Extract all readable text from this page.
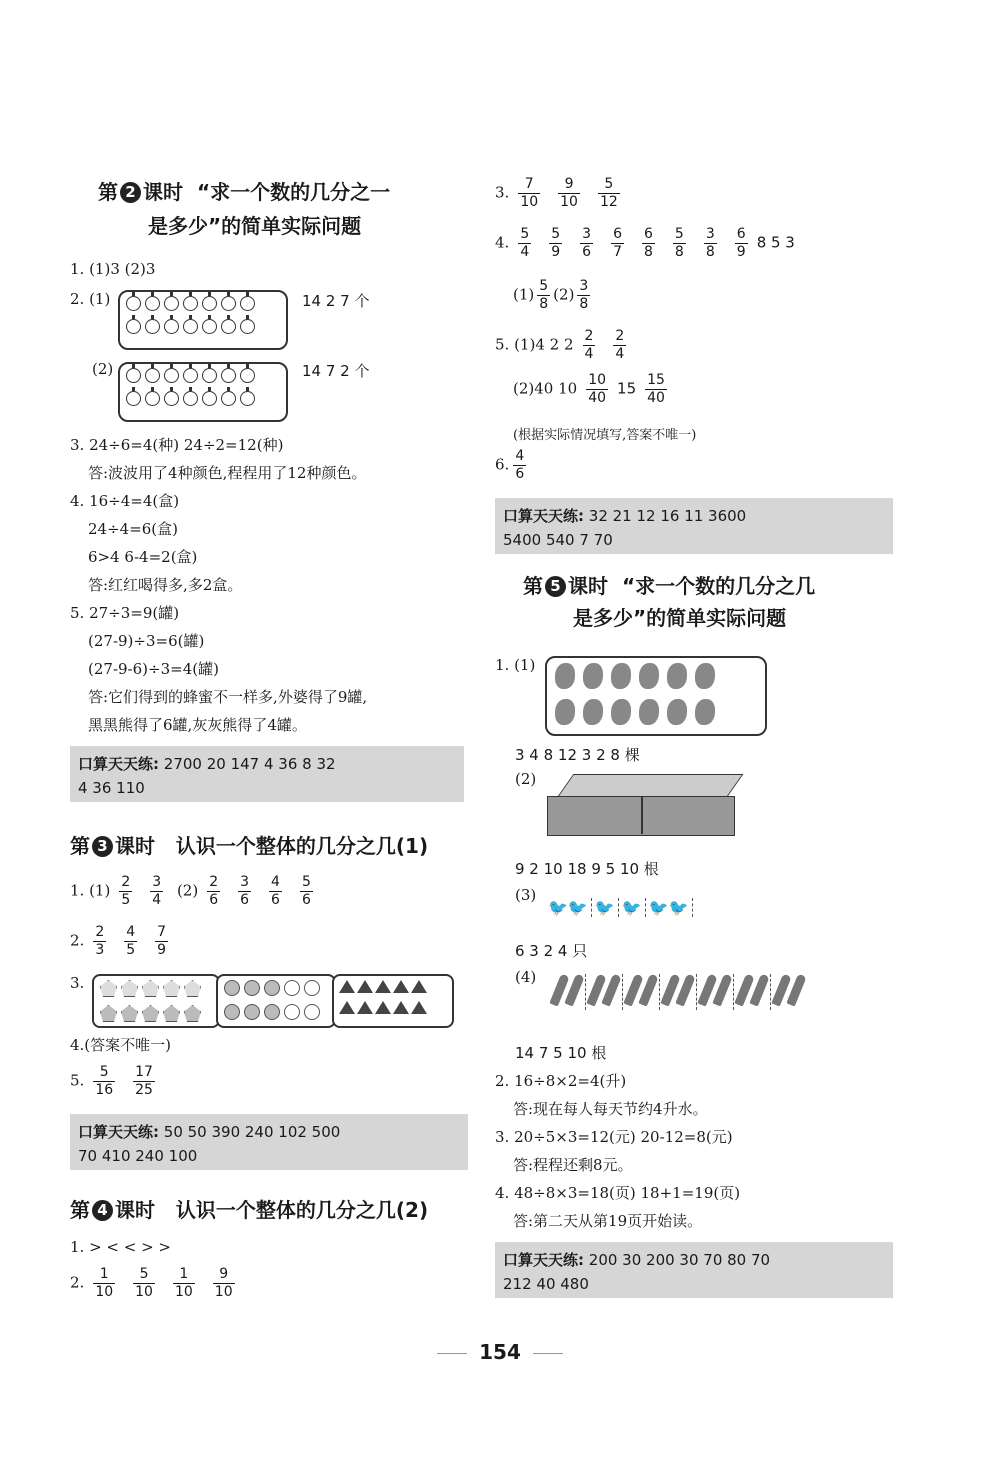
第 2 课时 “求一个数的几分之一
是多少”的简单实际问题
1. (1)3 (2)3
2. (1)	14 2 7 个
(2)	14 7 2 个
3. 24÷6=4(种) 24÷2=12(种)
答:波波用了4种颜色,程程用了12种颜色。
4. 16÷4=4(盒)
24÷4=6(盒)
6>4 6-4=2(盒)
答:红红喝得多,多2盒。
5. 27÷3=9(罐)
(27-9)÷3=6(罐)
(27-9-6)÷3=4(罐)
答:它们得到的蜂蜜不一样多,外婆得了9罐,
黑黑熊得了6罐,灰灰熊得了4罐。
口算天天练: 2700 20 147 4 36 8 32
4 36 110
第 3 课时 认识一个整体的几分之几(1)
1. $(1) \frac{2}{5} \frac{3}{4} (2) \frac{2}{6} \frac{3}{6} \frac{4}{6} \frac{5}{6}$
2. $\frac{2}{3} \frac{4}{5} \frac{7}{9}$
3.

4.(答案不唯一)
5. $\frac{5}{16} \frac{17}{25}$
口算天天练: 50 50 390 240 102 500
70 410 240 100
第 4 课时 认识一个整体的几分之几(2)
1. > < < > >
2. $\frac{1}{10} \frac{5}{10} \frac{1}{10} \frac{9}{10}$
3. $\frac{7}{10} \frac{9}{10} \frac{5}{12}$
4. $\frac{5}{4} \frac{5}{9} \frac{3}{6} \frac{6}{7} \frac{6}{8} \frac{5}{8} \frac{3}{8} \frac{6}{9} 8$ 5 3
$(1) \frac{5}{8} (2) \frac{3}{8}$
5. (1)4 2 $2 \frac{2}{4} \frac{2}{4}$
(2)40 $10 \frac{10}{40} 15 \frac{15}{40}$
(根据实际情况填写,答案不唯一)
6. $\frac{4}{6}$
口算天天练: 32 21 12 16 11 3600
5400 540 7 70
第 5 课时 “求一个数的几分之几
是多少”的简单实际问题
1. (1)

3 4 8 12 3 2 8 棵
(2)
9 2 10 18 9 5 10 根
(3)
🐦🐦 🐦 🐦 🐦🐦
6 3 2 4 只
(4)
14 7 5 10 根
2. 16÷8×2=4(升)
答:现在每人每天节约4升水。
3. 20÷5×3=12(元) 20-12=8(元)
答:程程还剩8元。
4. 48÷8×3=18(页) 18+1=19(页)
答:第二天从第19页开始读。
口算天天练: 200 30 200 30 70 80 70
212 40 480
154
